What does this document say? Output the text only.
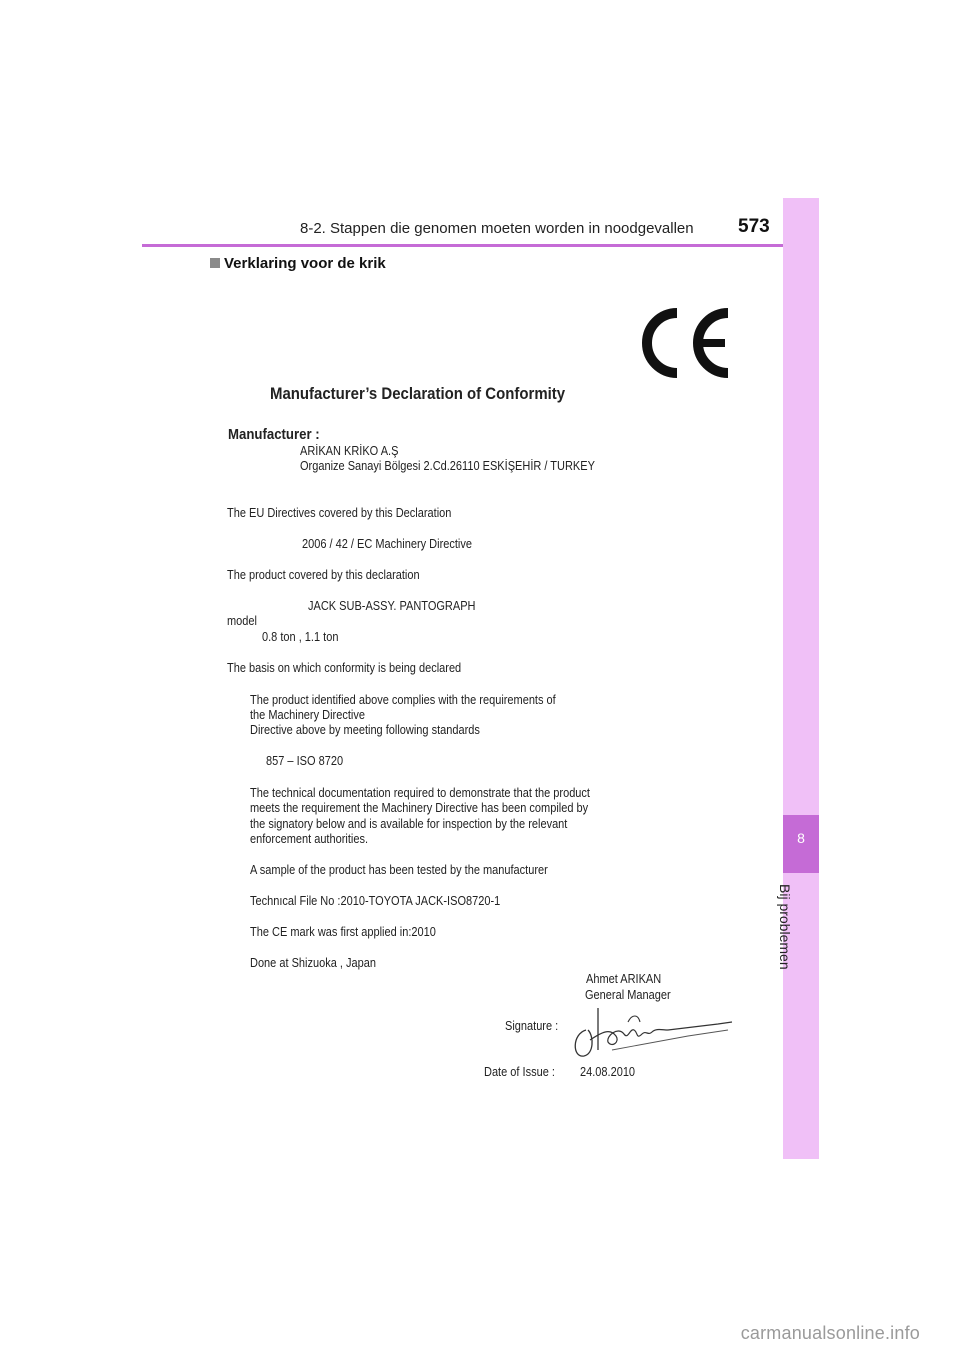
8-2. Stappen die genomen moeten worden in noodgevallen 573
8
Bij problemen
Verklaring voor de krik
Manufacturer’s Declaration of Conformity
Manufacturer :
ARİKAN KRİKO A.Ş
Organize Sanayi Bölgesi 2.Cd.26110 ESKİŞEHİR / TURKEY
The EU Directives covered by this Declaration
2006 / 42 / EC Machinery Directive
The product covered by this declaration
JACK SUB-ASSY. PANTOGRAPH
model
0.8 ton , 1.1 ton
The basis on which conformity is being declared
The product identified above complies with the requirements of
the Machinery Directive
Directive above by meeting following standards
857 – ISO 8720
The technical documentation required to demonstrate that the product
meets the requirement the Machinery Directive has been compiled by
the signatory below and is available for inspection by the relevant
enforcement authorities.
A sample of the product has been tested by the manufacturer
Technıcal File No :2010-TOYOTA JACK-ISO8720-1
The CE mark was first applied in:2010
Done at Shizuoka , Japan
Ahmet ARIKAN
General Manager
Signature :
Date of Issue : 24.08.2010
carmanualsonline.info
